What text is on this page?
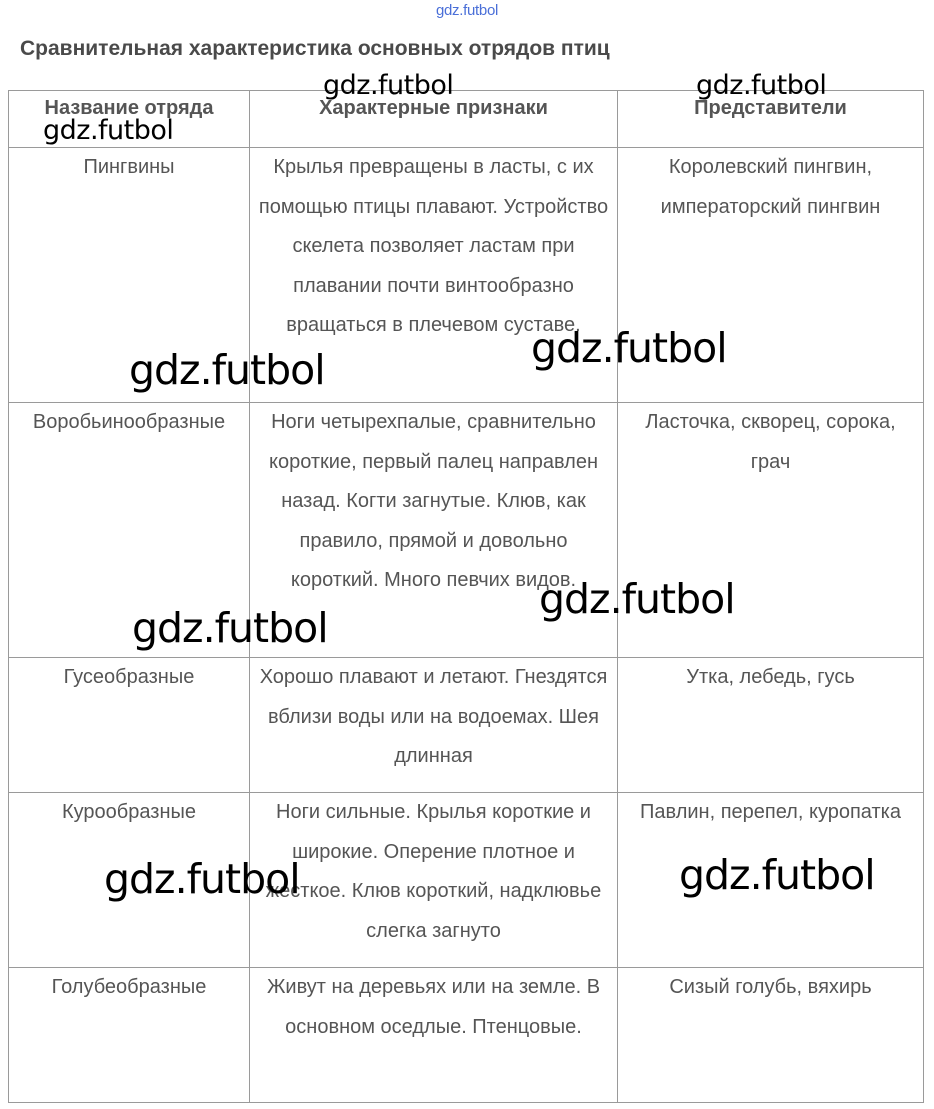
gdz.futbol
Сравнительная характеристика основных отрядов птиц
Название отряда	Характерные признаки	Представители
Пингвины	Крылья превращены в ласты, с их помощью птицы плавают. Устройство скелета позволяет ластам при плавании почти винтообразно вращаться в плечевом суставе.	Королевский пингвин, императорский пингвин
Воробьинообразные	Ноги четырехпалые, сравнительно короткие, первый палец направлен назад. Когти загнутые. Клюв, как правило, прямой и довольно короткий. Много певчих видов.	Ласточка, скворец, сорока, грач
Гусеобразные	Хорошо плавают и летают. Гнездятся вблизи воды или на водоемах. Шея длинная	Утка, лебедь, гусь
Курообразные	Ноги сильные. Крылья короткие и широкие. Оперение плотное и жесткое. Клюв короткий, надклювье слегка загнуто	Павлин, перепел, куропатка
Голубеобразные	Живут на деревьях или на земле. В основном оседлые. Птенцовые.	Сизый голубь, вяхирь
gdz.futbol	gdz.futbol
gdz.futbol
gdz.futbol
gdz.futbol
gdz.futbol
gdz.futbol
gdz.futbol	gdz.futbol
